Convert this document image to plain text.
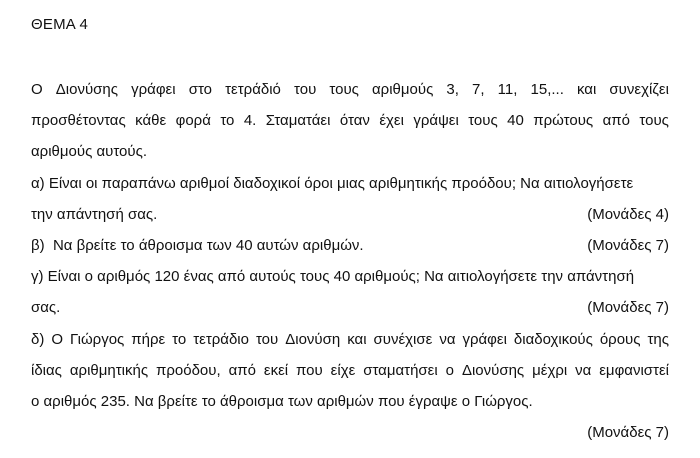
ΘΕΜΑ 4
Ο Διονύσης γράφει στο τετράδιό του τους αριθμούς 3, 7, 11, 15,... και συνεχίζει
προσθέτοντας κάθε φορά το 4. Σταματάει όταν έχει γράψει τους 40 πρώτους από τους
αριθμούς αυτούς.
α) Είναι οι παραπάνω αριθμοί διαδοχικοί όροι μιας αριθμητικής προόδου; Να αιτιολογήσετε
την απάντησή σας.	(Μονάδες 4)
β)  Να βρείτε το άθροισμα των 40 αυτών αριθμών.	(Μονάδες 7)
γ) Είναι ο αριθμός 120 ένας από αυτούς τους 40 αριθμούς; Να αιτιολογήσετε την απάντησή
σας.	(Μονάδες 7)
δ) Ο Γιώργος πήρε το τετράδιο του Διονύση και συνέχισε να γράφει διαδοχικούς όρους της
ίδιας αριθμητικής προόδου, από εκεί που είχε σταματήσει ο Διονύσης μέχρι να εμφανιστεί
ο αριθμός 235. Να βρείτε το άθροισμα των αριθμών που έγραψε ο Γιώργος.
(Μονάδες 7)
